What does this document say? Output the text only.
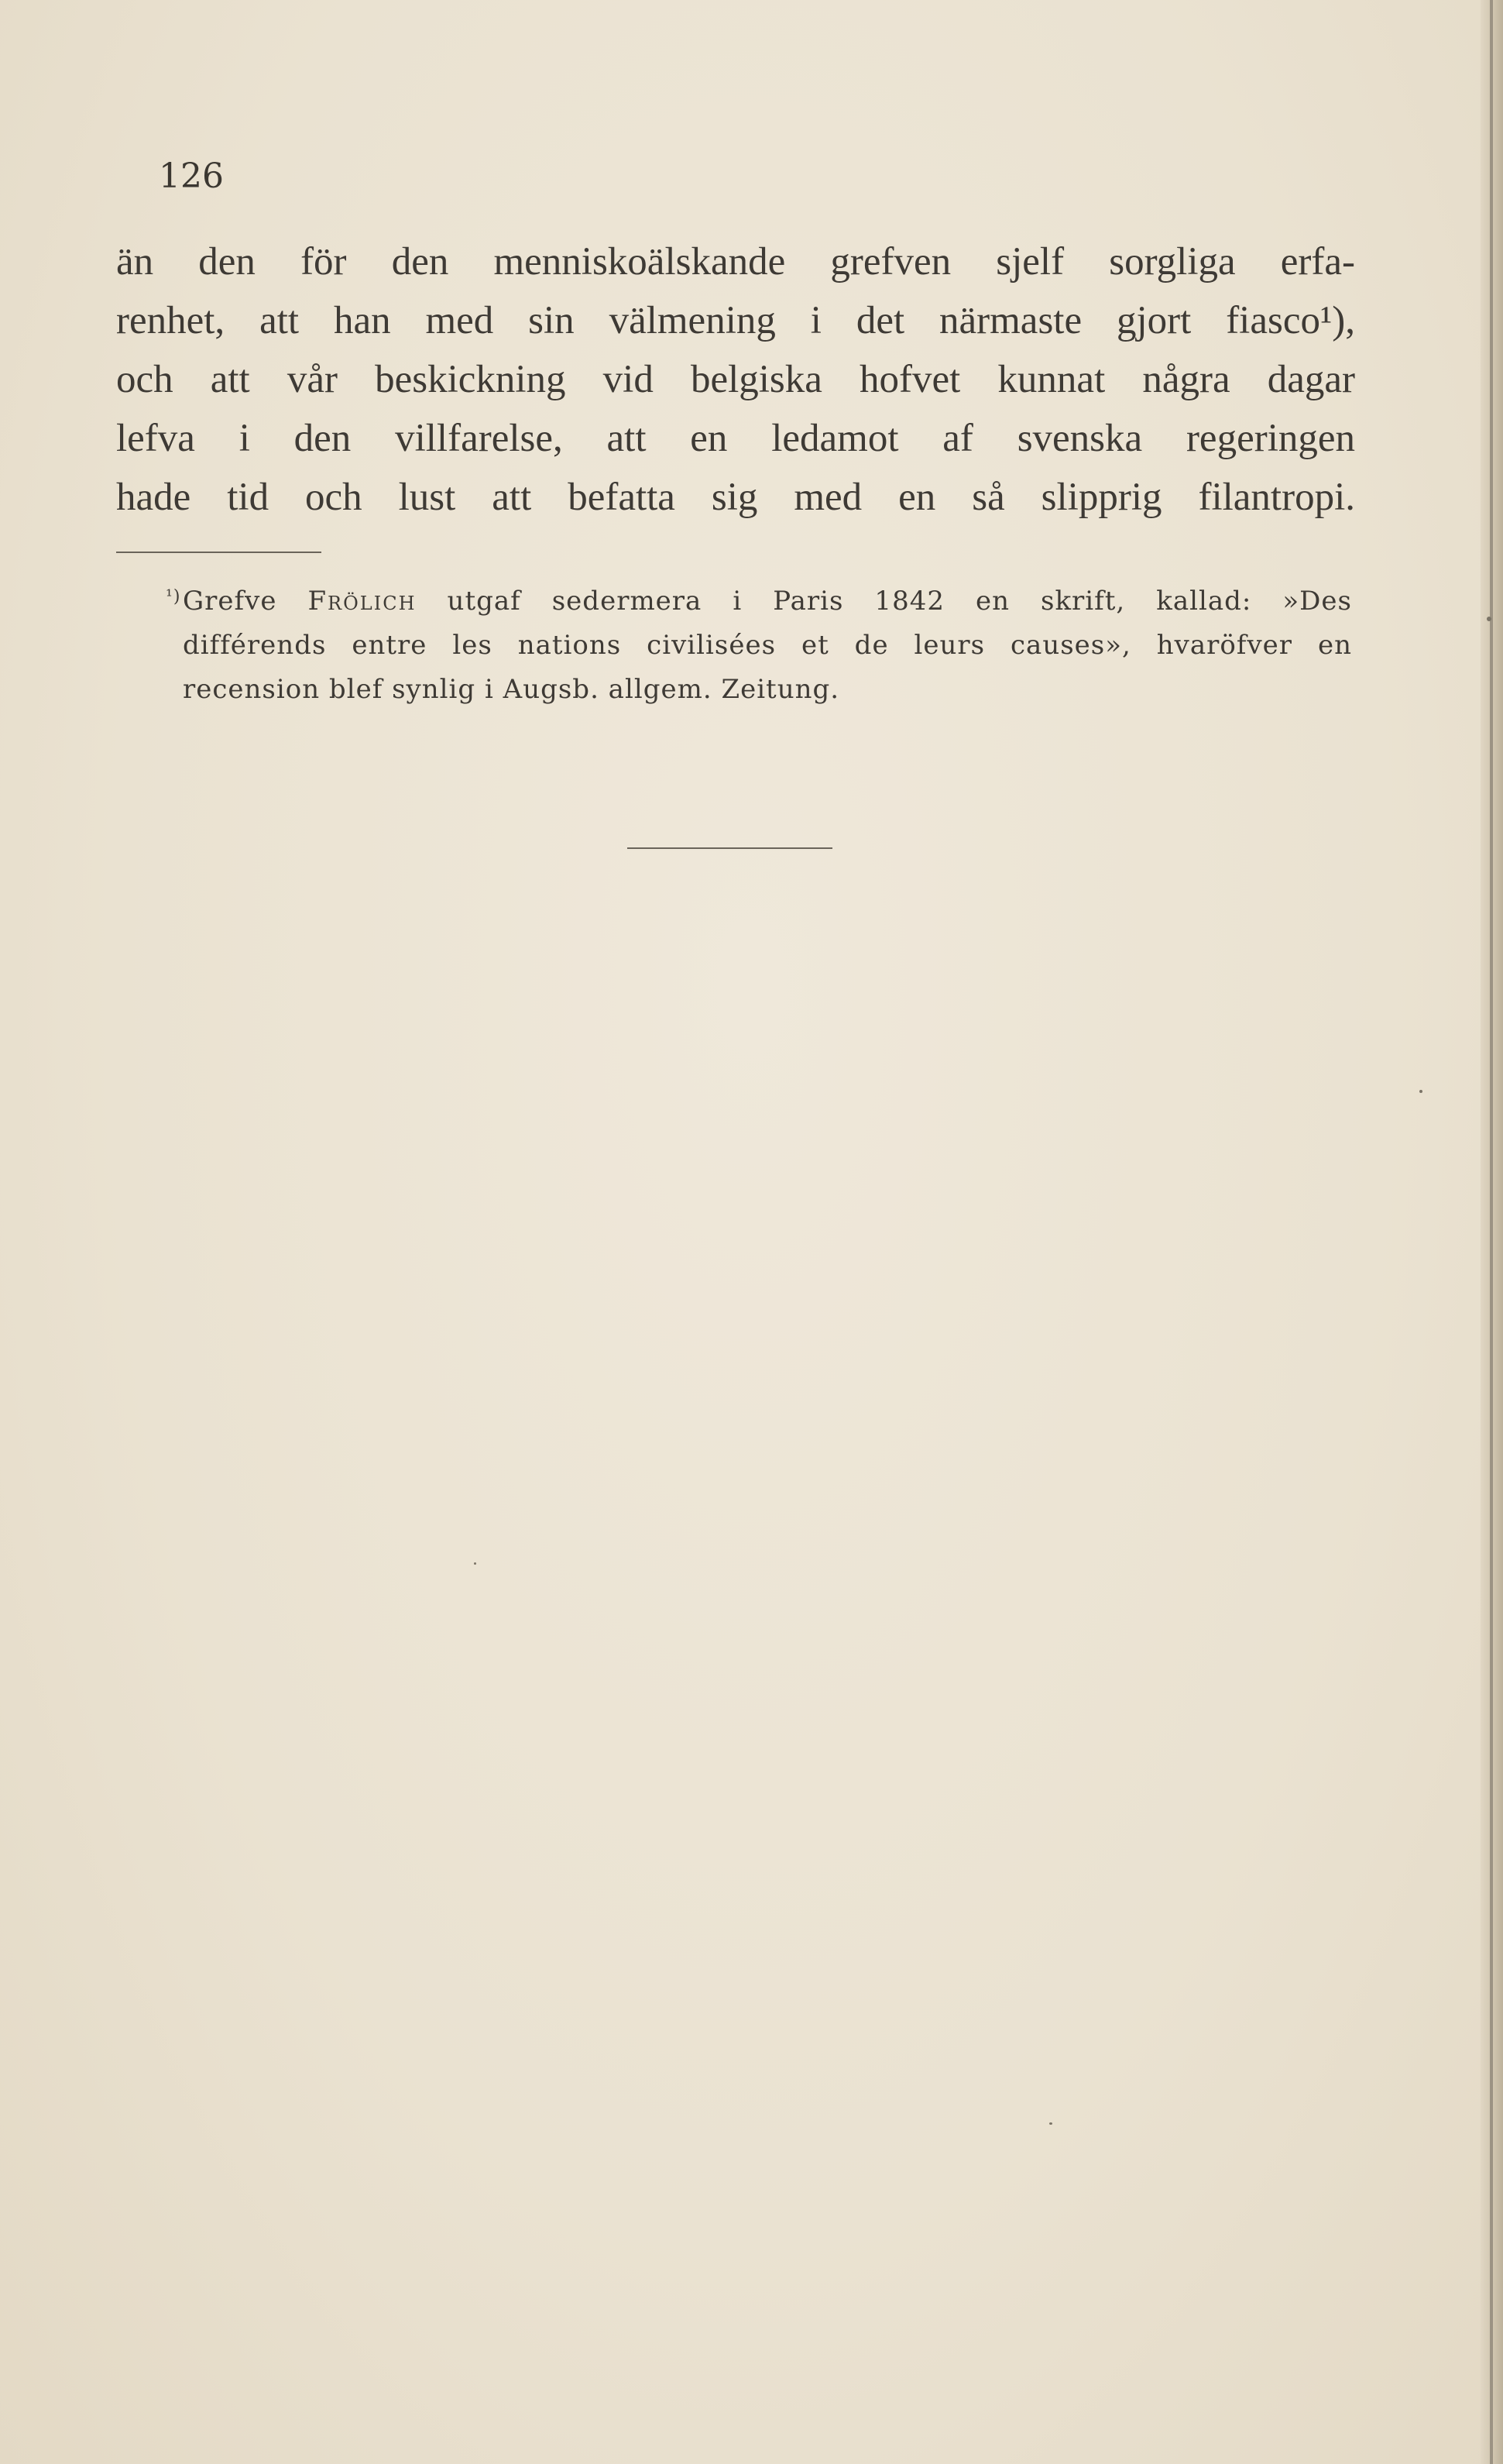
126
än den för den menniskoälskande grefven sjelf sorgliga erfa-
renhet, att han med sin välmening i det närmaste gjort fiasco¹),
och att vår beskickning vid belgiska hofvet kunnat några dagar
lefva i den villfarelse, att en ledamot af svenska regeringen
hade tid och lust att befatta sig med en så slipprig filantropi.
¹) Grefve Frölich utgaf sedermera i Paris 1842 en skrift, kallad: »Des
différends entre les nations civilisées et de leurs causes», hvaröfver en
recension blef synlig i Augsb. allgem. Zeitung.
